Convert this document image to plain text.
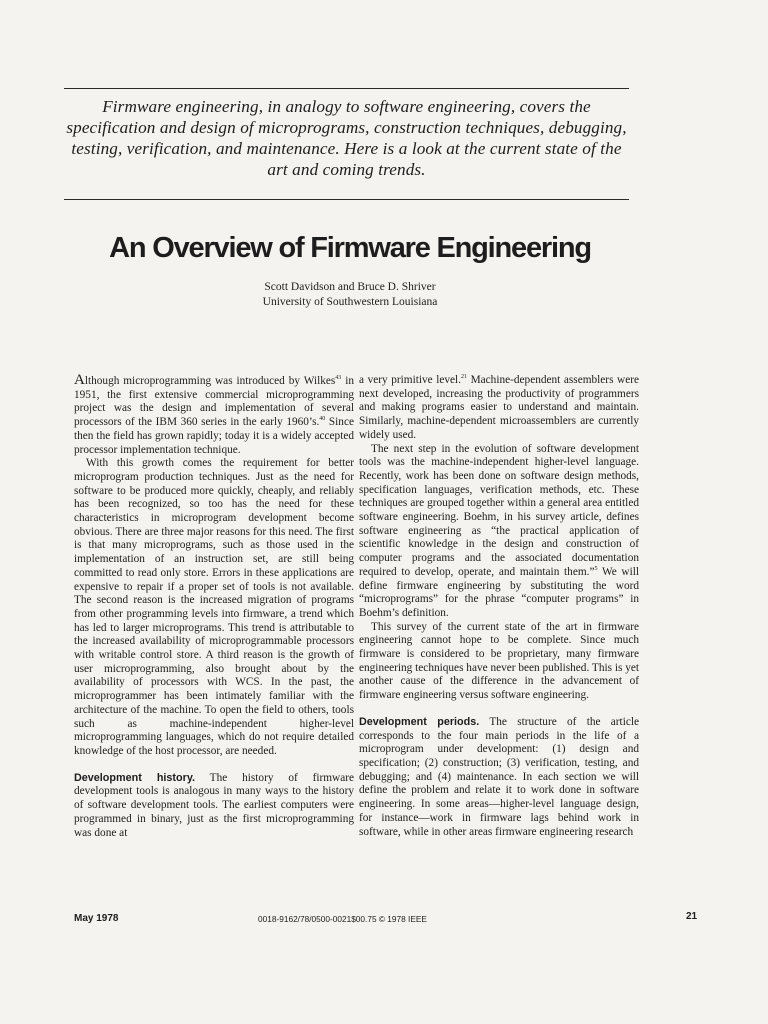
Firmware engineering, in analogy to software engineering, covers the specification and design of microprograms, construction techniques, debugging, testing, verification, and maintenance. Here is a look at the current state of the art and coming trends.

An Overview of Firmware Engineering
Scott Davidson and Bruce D. Shriver
University of Southwestern Louisiana

Although microprogramming was introduced by Wilkes$^{43}$ in 1951, the first extensive commercial microprogramming project was the design and implementation of several processors of the IBM 360 series in the early 1960’s.$^{40}$ Since then the field has grown rapidly; today it is a widely accepted processor implementation technique.

With this growth comes the requirement for better microprogram production techniques. Just as the need for software to be produced more quickly, cheaply, and reliably has been recognized, so too has the need for these characteristics in microprogram development become obvious. There are three major reasons for this need. The first is that many microprograms, such as those used in the implementation of an instruction set, are still being committed to read only store. Errors in these applications are expensive to repair if a proper set of tools is not available. The second reason is the increased migration of programs from other programming levels into firmware, a trend which has led to larger microprograms. This trend is attributable to the increased availability of microprogrammable processors with writable control store. A third reason is the growth of user microprogramming, also brought about by the availability of processors with WCS. In the past, the microprogrammer has been intimately familiar with the architecture of the machine. To open the field to others, tools such as machine-independent higher-level microprogramming languages, which do not require detailed knowledge of the host processor, are needed.

Development history. The history of firmware development tools is analogous in many ways to the history of software development tools. The earliest computers were programmed in binary, just as the first microprogramming was done at

a very primitive level.$^{21}$ Machine-dependent assemblers were next developed, increasing the productivity of programmers and making programs easier to understand and maintain. Similarly, machine-dependent microassemblers are currently widely used.

The next step in the evolution of software development tools was the machine-independent higher-level language. Recently, work has been done on software design methods, specification languages, verification methods, etc. These techniques are grouped together within a general area entitled software engineering. Boehm, in his survey article, defines software engineering as “the practical application of scientific knowledge in the design and construction of computer programs and the associated documentation required to develop, operate, and maintain them.”$^5$ We will define firmware engineering by substituting the word “microprograms” for the phrase “computer programs” in Boehm’s definition.

This survey of the current state of the art in firmware engineering cannot hope to be complete. Since much firmware is considered to be proprietary, many firmware engineering techniques have never been published. This is yet another cause of the difference in the advancement of firmware engineering versus software engineering.

Development periods. The structure of the article corresponds to the four main periods in the life of a microprogram under development: (1) design and specification; (2) construction; (3) verification, testing, and debugging; and (4) maintenance. In each section we will define the problem and relate it to work done in software engineering. In some areas—higher-level language design, for instance—work in firmware lags behind work in software, while in other areas firmware engineering research

May 1978	0018-9162/78/0500-0021$00.75 © 1978 IEEE	21
